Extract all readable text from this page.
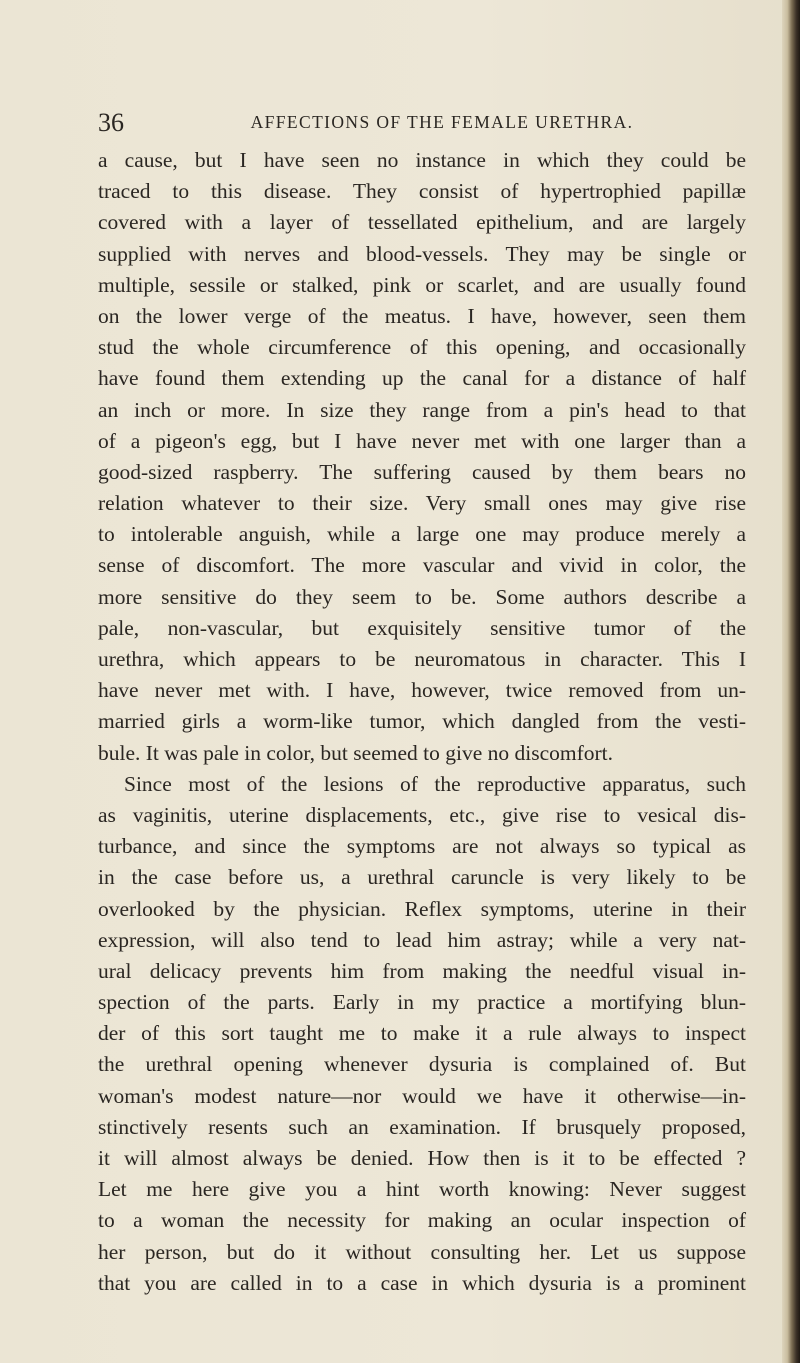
36	AFFECTIONS OF THE FEMALE URETHRA.
a cause, but I have seen no instance in which they could be
traced to this disease. They consist of hypertrophied papillæ
covered with a layer of tessellated epithelium, and are largely
supplied with nerves and blood-vessels. They may be single or
multiple, sessile or stalked, pink or scarlet, and are usually found
on the lower verge of the meatus. I have, however, seen them
stud the whole circumference of this opening, and occasionally
have found them extending up the canal for a distance of half
an inch or more. In size they range from a pin's head to that
of a pigeon's egg, but I have never met with one larger than a
good-sized raspberry. The suffering caused by them bears no
relation whatever to their size. Very small ones may give rise
to intolerable anguish, while a large one may produce merely a
sense of discomfort. The more vascular and vivid in color, the
more sensitive do they seem to be. Some authors describe a
pale, non-vascular, but exquisitely sensitive tumor of the
urethra, which appears to be neuromatous in character. This I
have never met with. I have, however, twice removed from un-
married girls a worm-like tumor, which dangled from the vesti-
bule. It was pale in color, but seemed to give no discomfort.
Since most of the lesions of the reproductive apparatus, such
as vaginitis, uterine displacements, etc., give rise to vesical dis-
turbance, and since the symptoms are not always so typical as
in the case before us, a urethral caruncle is very likely to be
overlooked by the physician. Reflex symptoms, uterine in their
expression, will also tend to lead him astray; while a very nat-
ural delicacy prevents him from making the needful visual in-
spection of the parts. Early in my practice a mortifying blun-
der of this sort taught me to make it a rule always to inspect
the urethral opening whenever dysuria is complained of. But
woman's modest nature—nor would we have it otherwise—in-
stinctively resents such an examination. If brusquely proposed,
it will almost always be denied. How then is it to be effected ?
Let me here give you a hint worth knowing: Never suggest
to a woman the necessity for making an ocular inspection of
her person, but do it without consulting her. Let us suppose
that you are called in to a case in which dysuria is a prominent
